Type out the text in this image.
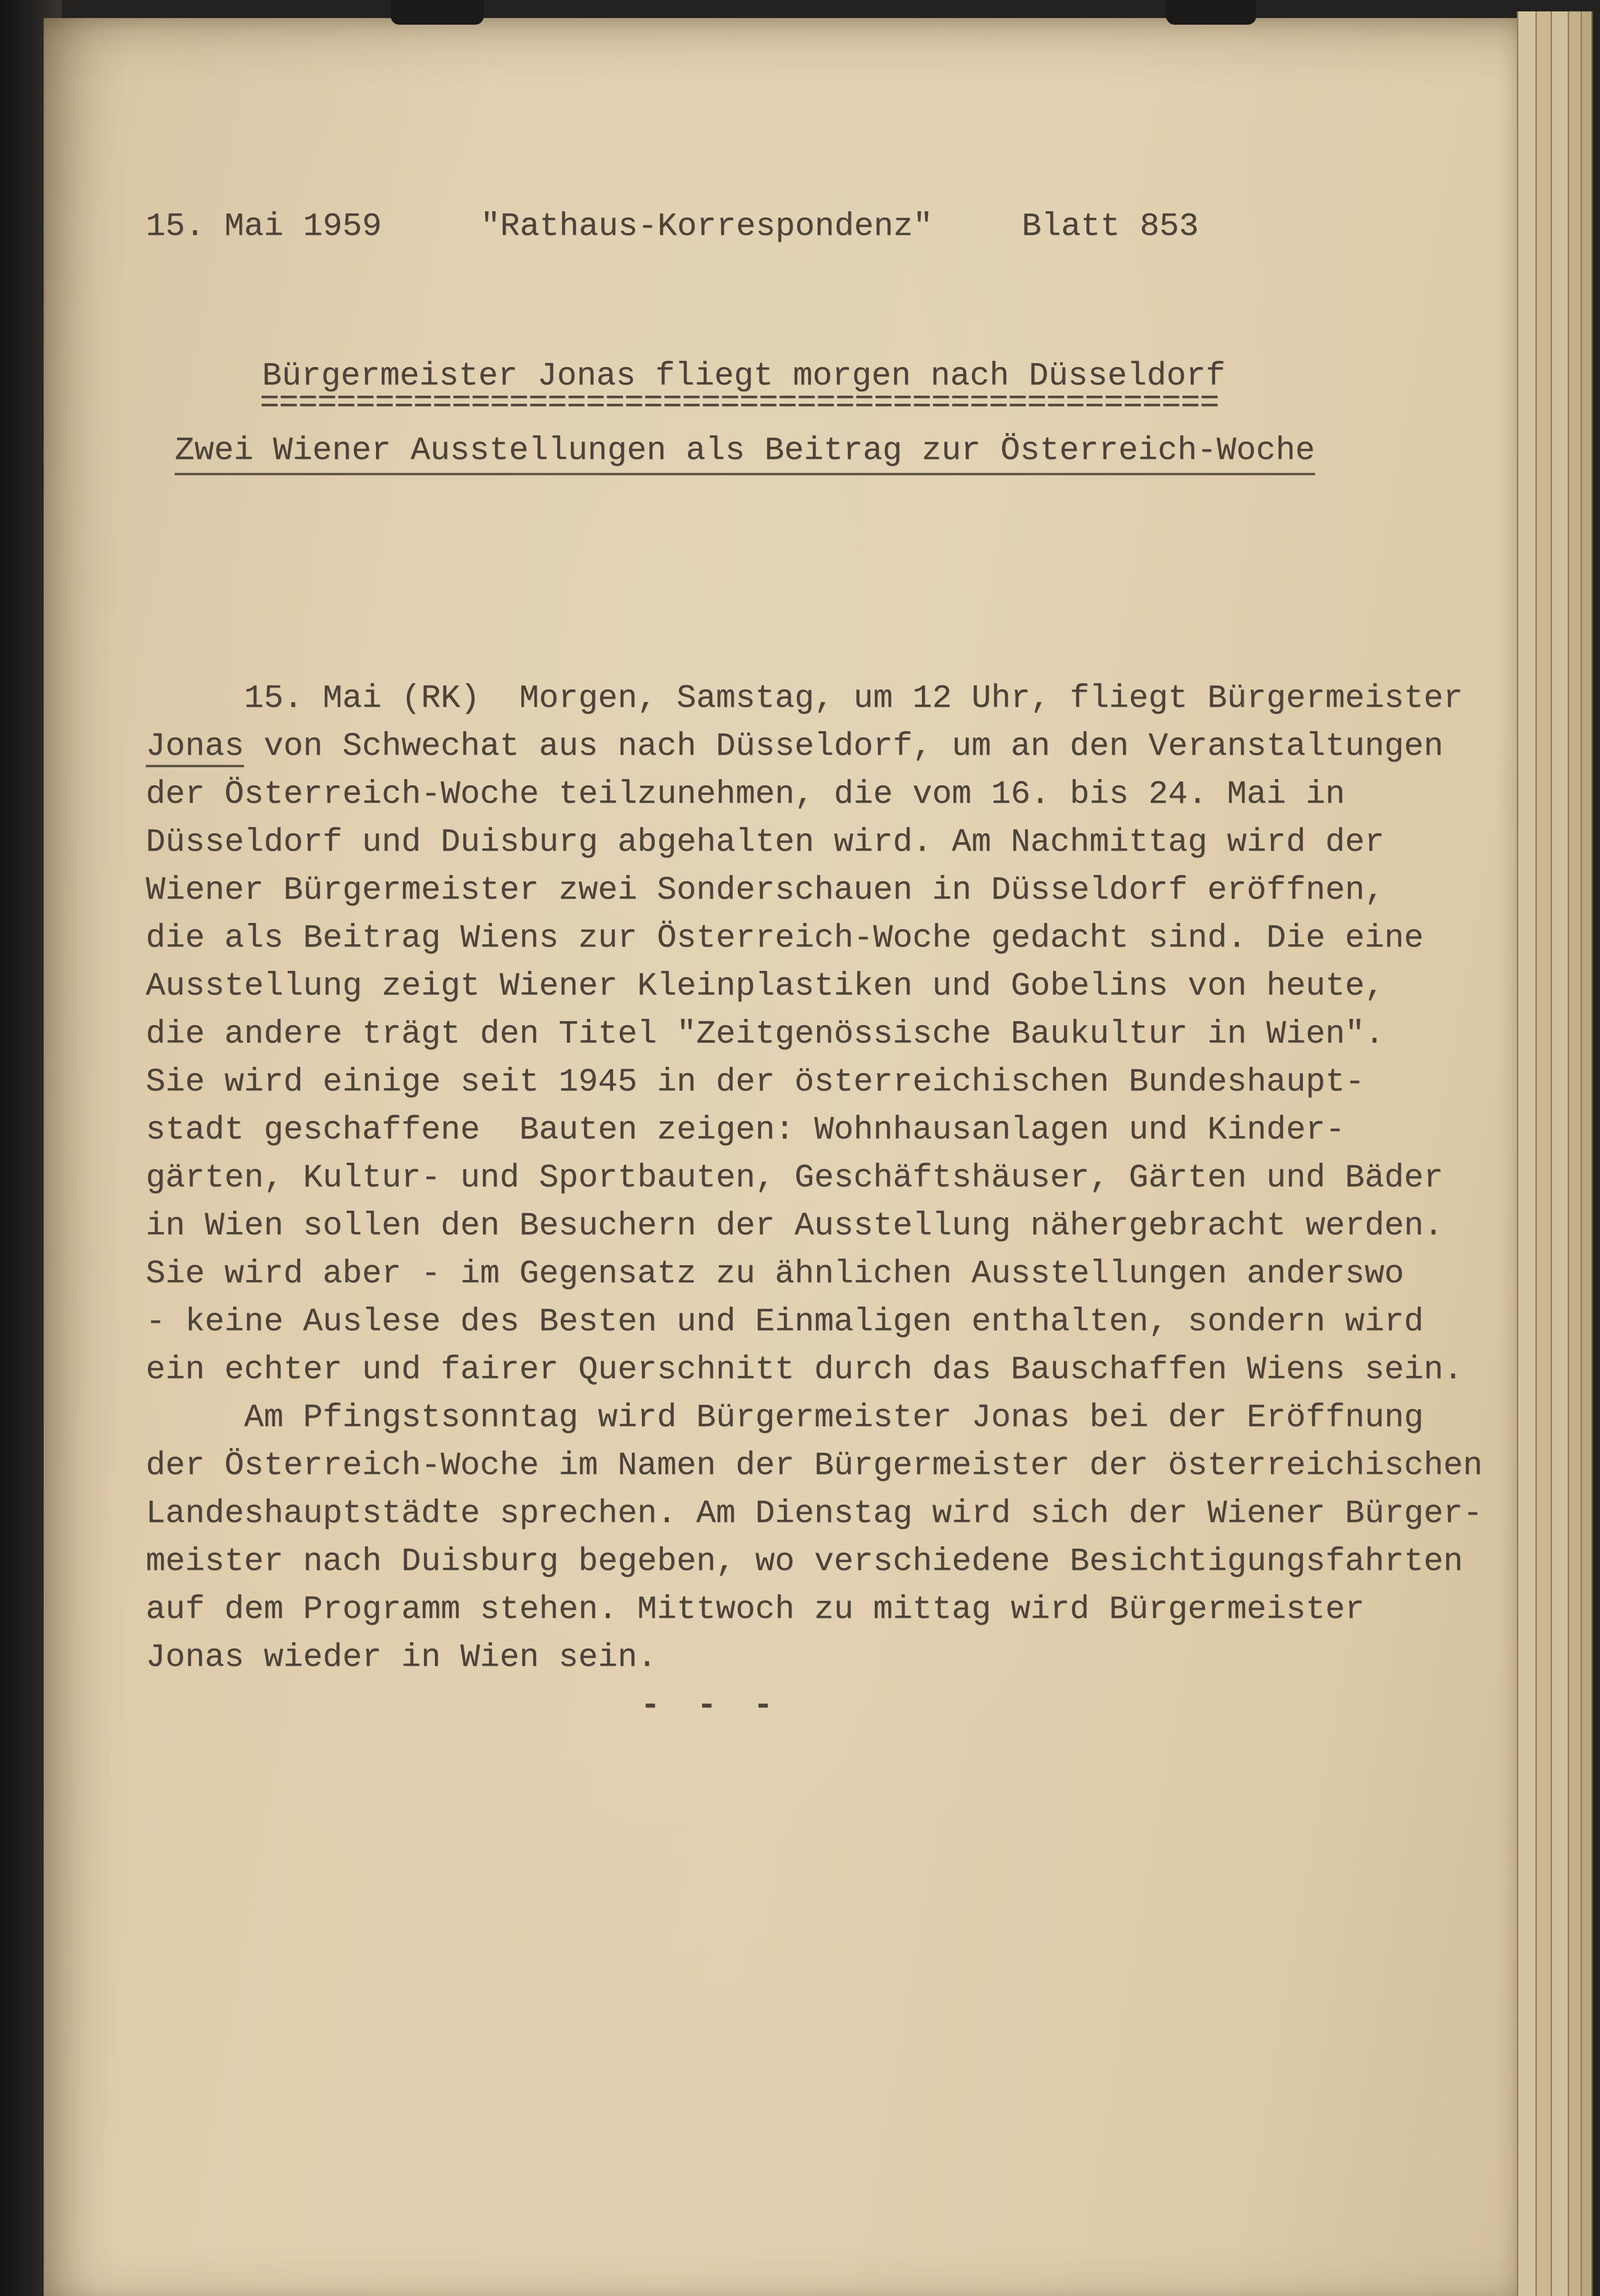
15. Mai 1959	"Rathaus-Korrespondenz"	Blatt 853
Bürgermeister Jonas fliegt morgen nach Düsseldorf
==================================================
Zwei Wiener Ausstellungen als Beitrag zur Österreich-Woche

15. Mai (RK)  Morgen, Samstag, um 12 Uhr, fliegt Bürgermeister
Jonas von Schwechat aus nach Düsseldorf, um an den Veranstaltungen
der Österreich-Woche teilzunehmen, die vom 16. bis 24. Mai in
Düsseldorf und Duisburg abgehalten wird. Am Nachmittag wird der
Wiener Bürgermeister zwei Sonderschauen in Düsseldorf eröffnen,
die als Beitrag Wiens zur Österreich-Woche gedacht sind. Die eine
Ausstellung zeigt Wiener Kleinplastiken und Gobelins von heute,
die andere trägt den Titel "Zeitgenössische Baukultur in Wien".
Sie wird einige seit 1945 in der österreichischen Bundeshaupt-
stadt geschaffene  Bauten zeigen: Wohnhausanlagen und Kinder-
gärten, Kultur- und Sportbauten, Geschäftshäuser, Gärten und Bäder
in Wien sollen den Besuchern der Ausstellung nähergebracht werden.
Sie wird aber - im Gegensatz zu ähnlichen Ausstellungen anderswo
- keine Auslese des Besten und Einmaligen enthalten, sondern wird
ein echter und fairer Querschnitt durch das Bauschaffen Wiens sein.
Am Pfingstsonntag wird Bürgermeister Jonas bei der Eröffnung
der Österreich-Woche im Namen der Bürgermeister der österreichischen
Landeshauptstädte sprechen. Am Dienstag wird sich der Wiener Bürger-
meister nach Duisburg begeben, wo verschiedene Besichtigungsfahrten
auf dem Programm stehen. Mittwoch zu mittag wird Bürgermeister
Jonas wieder in Wien sein.
- - -
